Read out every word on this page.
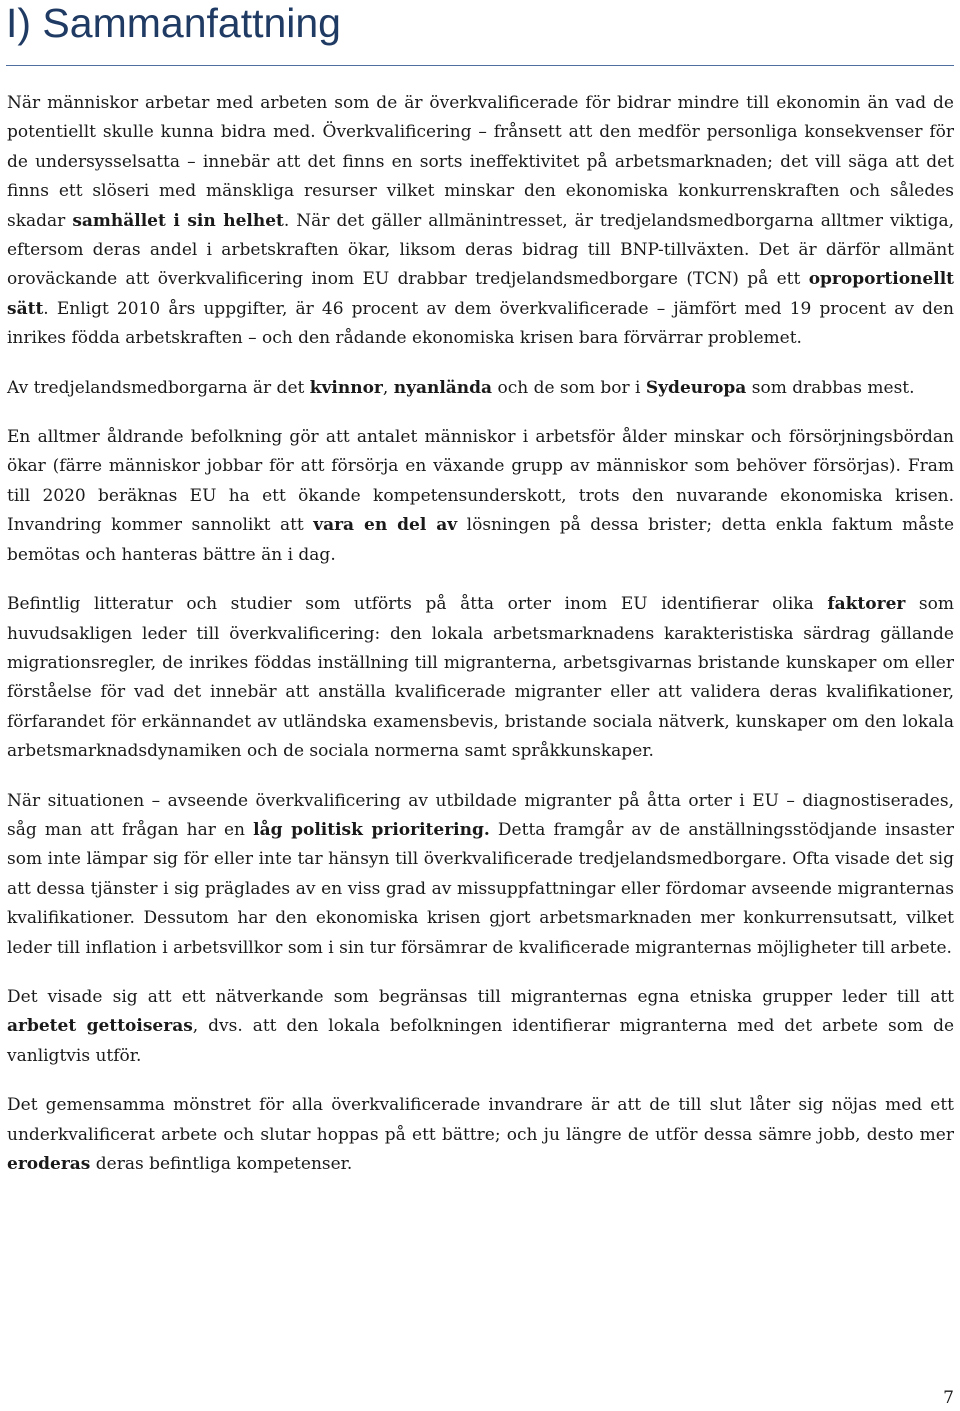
I) Sammanfattning

När människor arbetar med arbeten som de är överkvalificerade för bidrar mindre till ekonomin än vad de potentiellt skulle kunna bidra med. Överkvalificering – frånsett att den medför personliga konsekvenser för de undersysselsatta – innebär att det finns en sorts ineffektivitet på arbetsmarknaden; det vill säga att det finns ett slöseri med mänskliga resurser vilket minskar den ekonomiska konkurrenskraften och således skadar samhället i sin helhet. När det gäller allmänintresset, är tredjelandsmedborgarna alltmer viktiga, eftersom deras andel i arbetskraften ökar, liksom deras bidrag till BNP-tillväxten. Det är därför allmänt oroväckande att överkvalificering inom EU drabbar tredjelandsmedborgare (TCN) på ett oproportionellt sätt. Enligt 2010 års uppgifter, är 46 procent av dem överkvalificerade – jämfört med 19 procent av den inrikes födda arbetskraften – och den rådande ekonomiska krisen bara förvärrar problemet.

Av tredjelandsmedborgarna är det kvinnor, nyanlända och de som bor i Sydeuropa som drabbas mest.

En alltmer åldrande befolkning gör att antalet människor i arbetsför ålder minskar och försörjningsbördan ökar (färre människor jobbar för att försörja en växande grupp av människor som behöver försörjas). Fram till 2020 beräknas EU ha ett ökande kompetensunderskott, trots den nuvarande ekonomiska krisen. Invandring kommer sannolikt att vara en del av lösningen på dessa brister; detta enkla faktum måste bemötas och hanteras bättre än i dag.

Befintlig litteratur och studier som utförts på åtta orter inom EU identifierar olika faktorer som huvudsakligen leder till överkvalificering: den lokala arbetsmarknadens karakteristiska särdrag gällande migrationsregler, de inrikes föddas inställning till migranterna, arbetsgivarnas bristande kunskaper om eller förståelse för vad det innebär att anställa kvalificerade migranter eller att validera deras kvalifikationer, förfarandet för erkännandet av utländska examensbevis, bristande sociala nätverk, kunskaper om den lokala arbetsmarknadsdynamiken och de sociala normerna samt språkkunskaper.

När situationen – avseende överkvalificering av utbildade migranter på åtta orter i EU – diagnostiserades, såg man att frågan har en låg politisk prioritering. Detta framgår av de anställningsstödjande insaster som inte lämpar sig för eller inte tar hänsyn till överkvalificerade tredjelandsmedborgare. Ofta visade det sig att dessa tjänster i sig präglades av en viss grad av missuppfattningar eller fördomar avseende migranternas kvalifikationer. Dessutom har den ekonomiska krisen gjort arbetsmarknaden mer konkurrensutsatt, vilket leder till inflation i arbetsvillkor som i sin tur försämrar de kvalificerade migranternas möjligheter till arbete.

Det visade sig att ett nätverkande som begränsas till migranternas egna etniska grupper leder till att arbetet gettoiseras, dvs. att den lokala befolkningen identifierar migranterna med det arbete som de vanligtvis utför.

Det gemensamma mönstret för alla överkvalificerade invandrare är att de till slut låter sig nöjas med ett underkvalificerat arbete och slutar hoppas på ett bättre; och ju längre de utför dessa sämre jobb, desto mer eroderas deras befintliga kompetenser.

7
